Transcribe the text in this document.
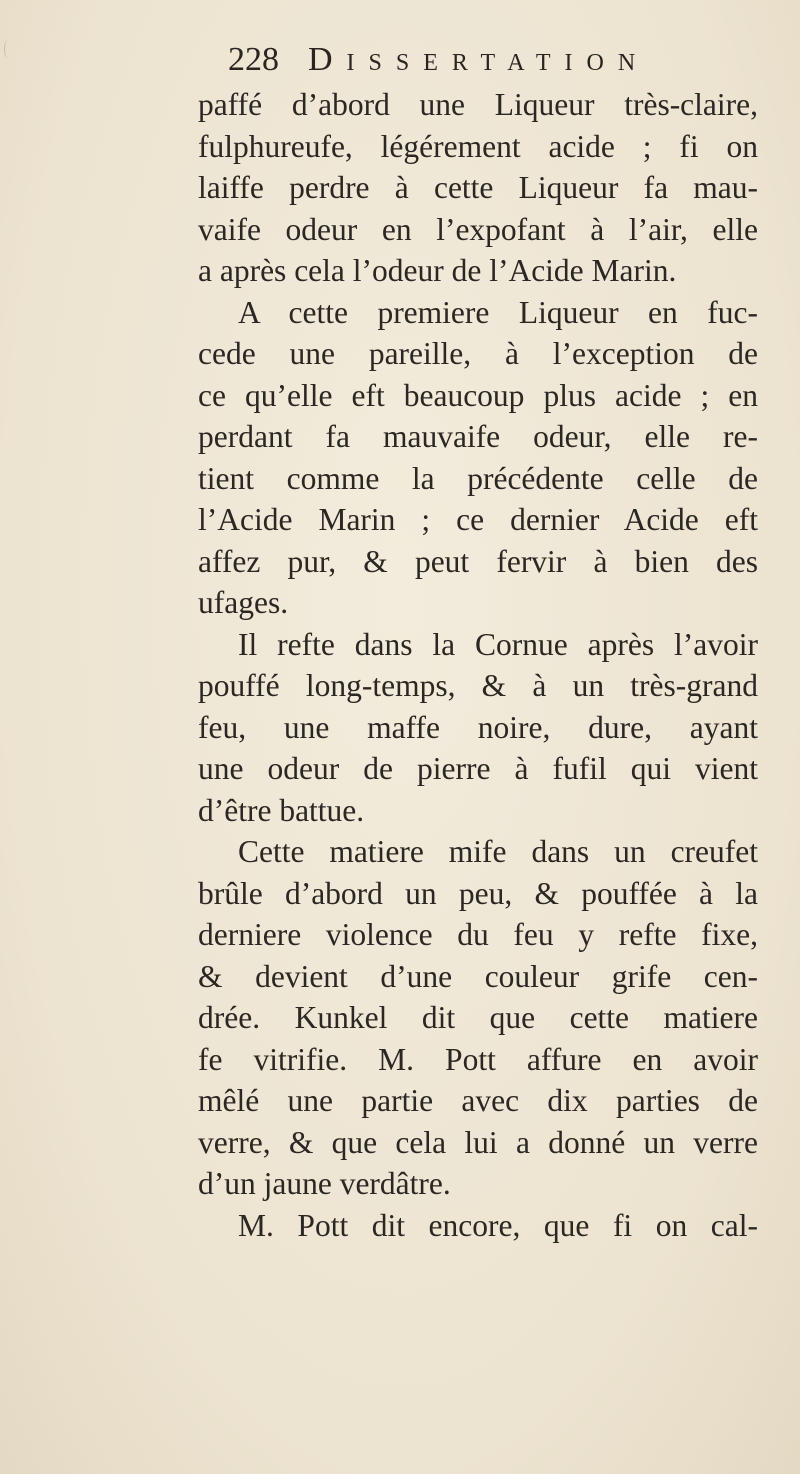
228 Dissertation
paffé d’abord une Liqueur très-claire,
fulphureufe, légérement acide ; fi on
laiffe perdre à cette Liqueur fa mau-
vaife odeur en l’expofant à l’air, elle
a après cela l’odeur de l’Acide Marin.
A cette premiere Liqueur en fuc-
cede une pareille, à l’exception de
ce qu’elle eft beaucoup plus acide ; en
perdant fa mauvaife odeur, elle re-
tient comme la précédente celle de
l’Acide Marin ; ce dernier Acide eft
affez pur, & peut fervir à bien des
ufages.
Il refte dans la Cornue après l’avoir
pouffé long-temps, & à un très-grand
feu, une maffe noire, dure, ayant
une odeur de pierre à fufil qui vient
d’être battue.
Cette matiere mife dans un creufet
brûle d’abord un peu, & pouffée à la
derniere violence du feu y refte fixe,
& devient d’une couleur grife cen-
drée. Kunkel dit que cette matiere
fe vitrifie. M. Pott affure en avoir
mêlé une partie avec dix parties de
verre, & que cela lui a donné un verre
d’un jaune verdâtre.
M. Pott dit encore, que fi on cal-
